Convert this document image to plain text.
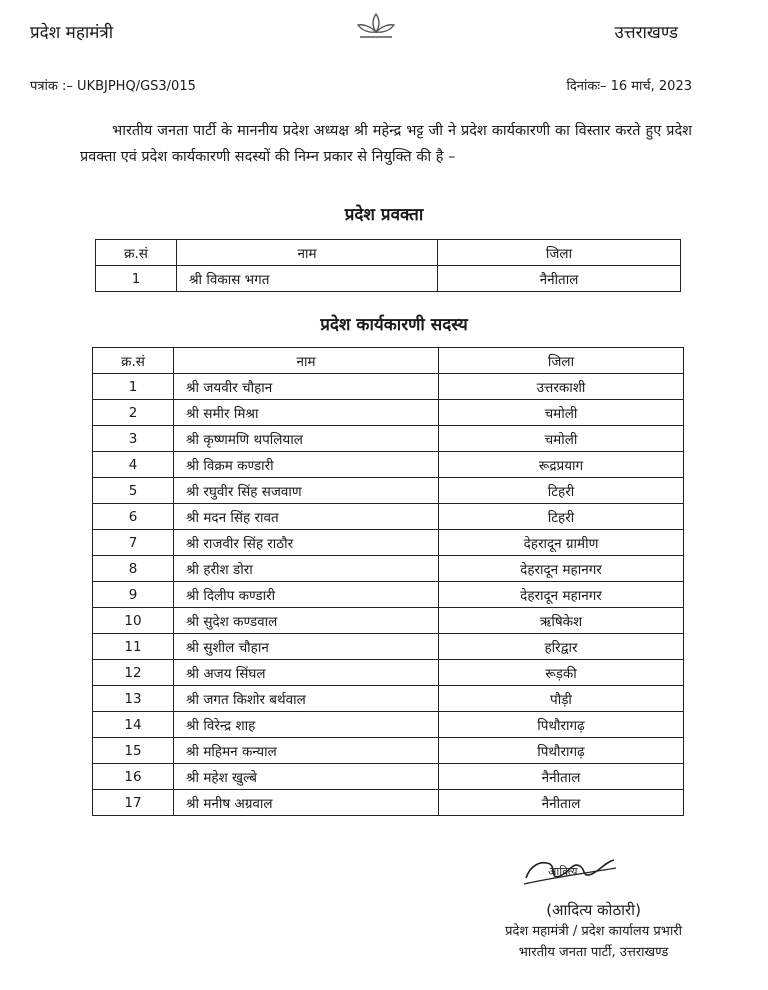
प्रदेश महामंत्री	उत्तराखण्ड
पत्रांक :– UKBJPHQ/GS3/015	दिनांकः– 16 मार्च, 2023
भारतीय जनता पार्टी के माननीय प्रदेश अध्यक्ष श्री महेन्द्र भट्ट जी ने प्रदेश कार्यकारणी का विस्तार करते हुए प्रदेश प्रवक्ता एवं प्रदेश कार्यकारणी सदस्यों की निम्न प्रकार से नियुक्ति की है –
प्रदेश प्रवक्ता
क्र.सं	नाम	जिला
1	श्री विकास भगत	नैनीताल
प्रदेश कार्यकारणी सदस्य
क्र.सं	नाम	जिला
1	श्री जयवीर चौहान	उत्तरकाशी
2	श्री समीर मिश्रा	चमोली
3	श्री कृष्णमणि थपलियाल	चमोली
4	श्री विक्रम कण्डारी	रूद्रप्रयाग
5	श्री रघुवीर सिंह सजवाण	टिहरी
6	श्री मदन सिंह रावत	टिहरी
7	श्री राजवीर सिंह राठौर	देहरादून ग्रामीण
8	श्री हरीश डोरा	देहरादून महानगर
9	श्री दिलीप कण्डारी	देहरादून महानगर
10	श्री सुदेश कण्डवाल	ऋषिकेश
11	श्री सुशील चौहान	हरिद्वार
12	श्री अजय सिंघल	रूड़की
13	श्री जगत किशोर बर्थवाल	पौड़ी
14	श्री विरेन्द्र शाह	पिथौरागढ़
15	श्री महिमन कन्याल	पिथौरागढ़
16	श्री महेश खुल्बे	नैनीताल
17	श्री मनीष अग्रवाल	नैनीताल
आदित्य
(आदित्य कोठारी)
प्रदेश महामंत्री / प्रदेश कार्यालय प्रभारी
भारतीय जनता पार्टी, उत्तराखण्ड
